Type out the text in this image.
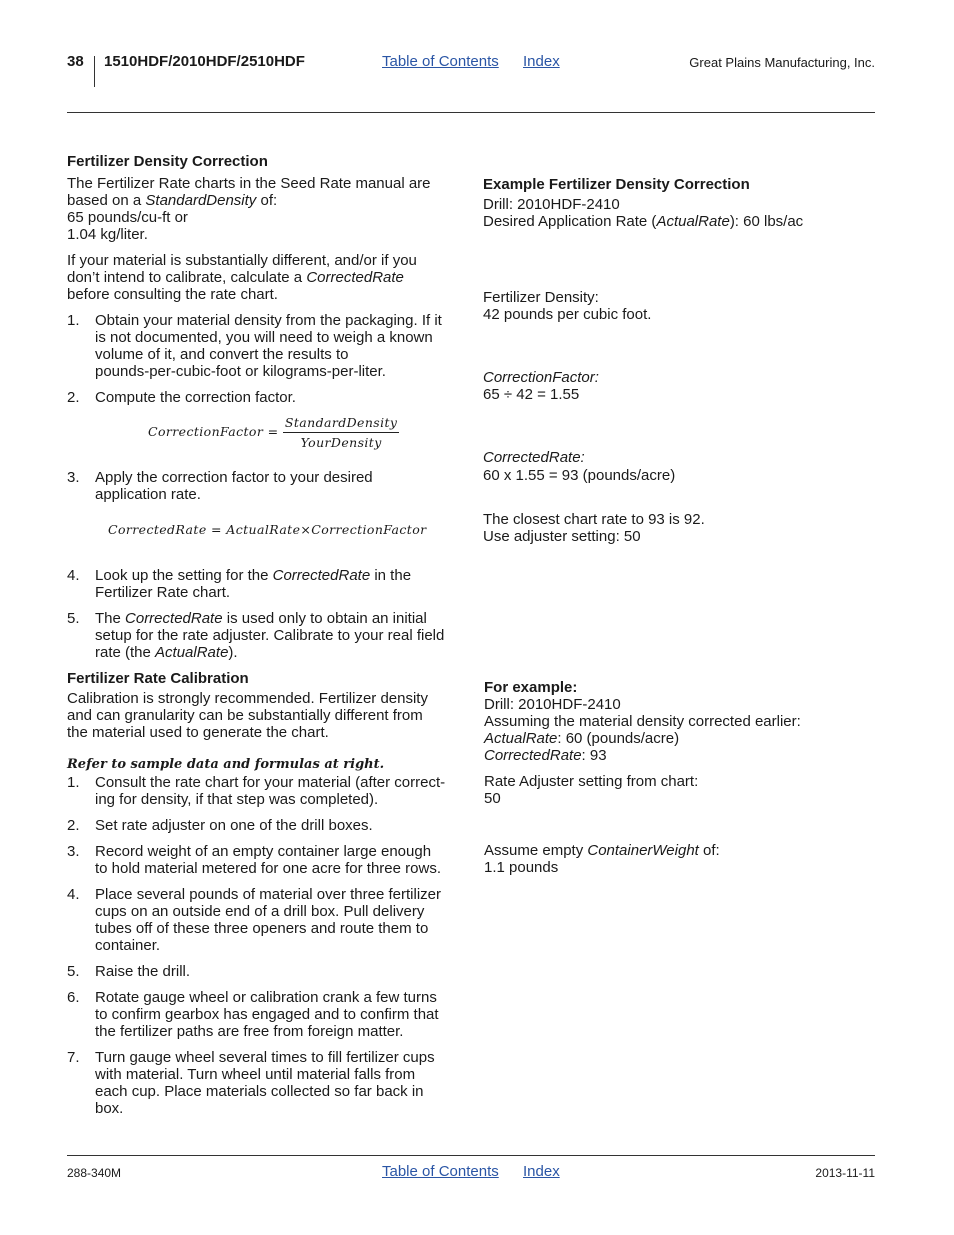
38 1510HDF/2010HDF/2510HDF	Table of Contents Index	Great Plains Manufacturing, Inc.
Fertilizer Density Correction

The Fertilizer Rate charts in the Seed Rate manual are

based on a StandardDensity of:

65 pounds/cu-ft or

1.04 kg/liter.

If your material is substantially different, and/or if you

don’t intend to calibrate, calculate a CorrectedRate

before consulting the rate chart.

1. Obtain your material density from the packaging. If it

is not documented, you will need to weigh a known

volume of it, and convert the results to

pounds-per-cubic-foot or kilograms-per-liter.

2. Compute the correction factor.

CorrectionFactor = $\frac{\text{StandardDensity}}{\text{YourDensity}}$
3. Apply the correction factor to your desired

application rate.

CorrectedRate = ActualRate×CorrectionFactor
4. Look up the setting for the CorrectedRate in the

Fertilizer Rate chart.

5. The CorrectedRate is used only to obtain an initial

setup for the rate adjuster. Calibrate to your real field

rate (the ActualRate).

Fertilizer Rate Calibration

Calibration is strongly recommended. Fertilizer density

and can granularity can be substantially different from

the material used to generate the chart.

Refer to sample data and formulas at right.
1. Consult the rate chart for your material (after correct-

ing for density, if that step was completed).

2. Set rate adjuster on one of the drill boxes.

3. Record weight of an empty container large enough

to hold material metered for one acre for three rows.

4. Place several pounds of material over three fertilizer

cups on an outside end of a drill box. Pull delivery

tubes off of these three openers and route them to

container.

5. Raise the drill.

6. Rotate gauge wheel or calibration crank a few turns

to confirm gearbox has engaged and to confirm that

the fertilizer paths are free from foreign matter.

7. Turn gauge wheel several times to fill fertilizer cups

with material. Turn wheel until material falls from

each cup. Place materials collected so far back in

box.

Example Fertilizer Density Correction
Drill: 2010HDF-2410
Desired Application Rate (ActualRate): 60 lbs/ac
Fertilizer Density:
42 pounds per cubic foot.
CorrectionFactor:
65 ÷ 42 = 1.55
CorrectedRate:
60 x 1.55 = 93 (pounds/acre)
The closest chart rate to 93 is 92.
Use adjuster setting: 50
For example:
Drill: 2010HDF-2410
Assuming the material density corrected earlier:
ActualRate: 60 (pounds/acre)
CorrectedRate: 93
Rate Adjuster setting from chart:
50
Assume empty ContainerWeight of:
1.1 pounds
288-340M	Table of Contents Index	2013-11-11
